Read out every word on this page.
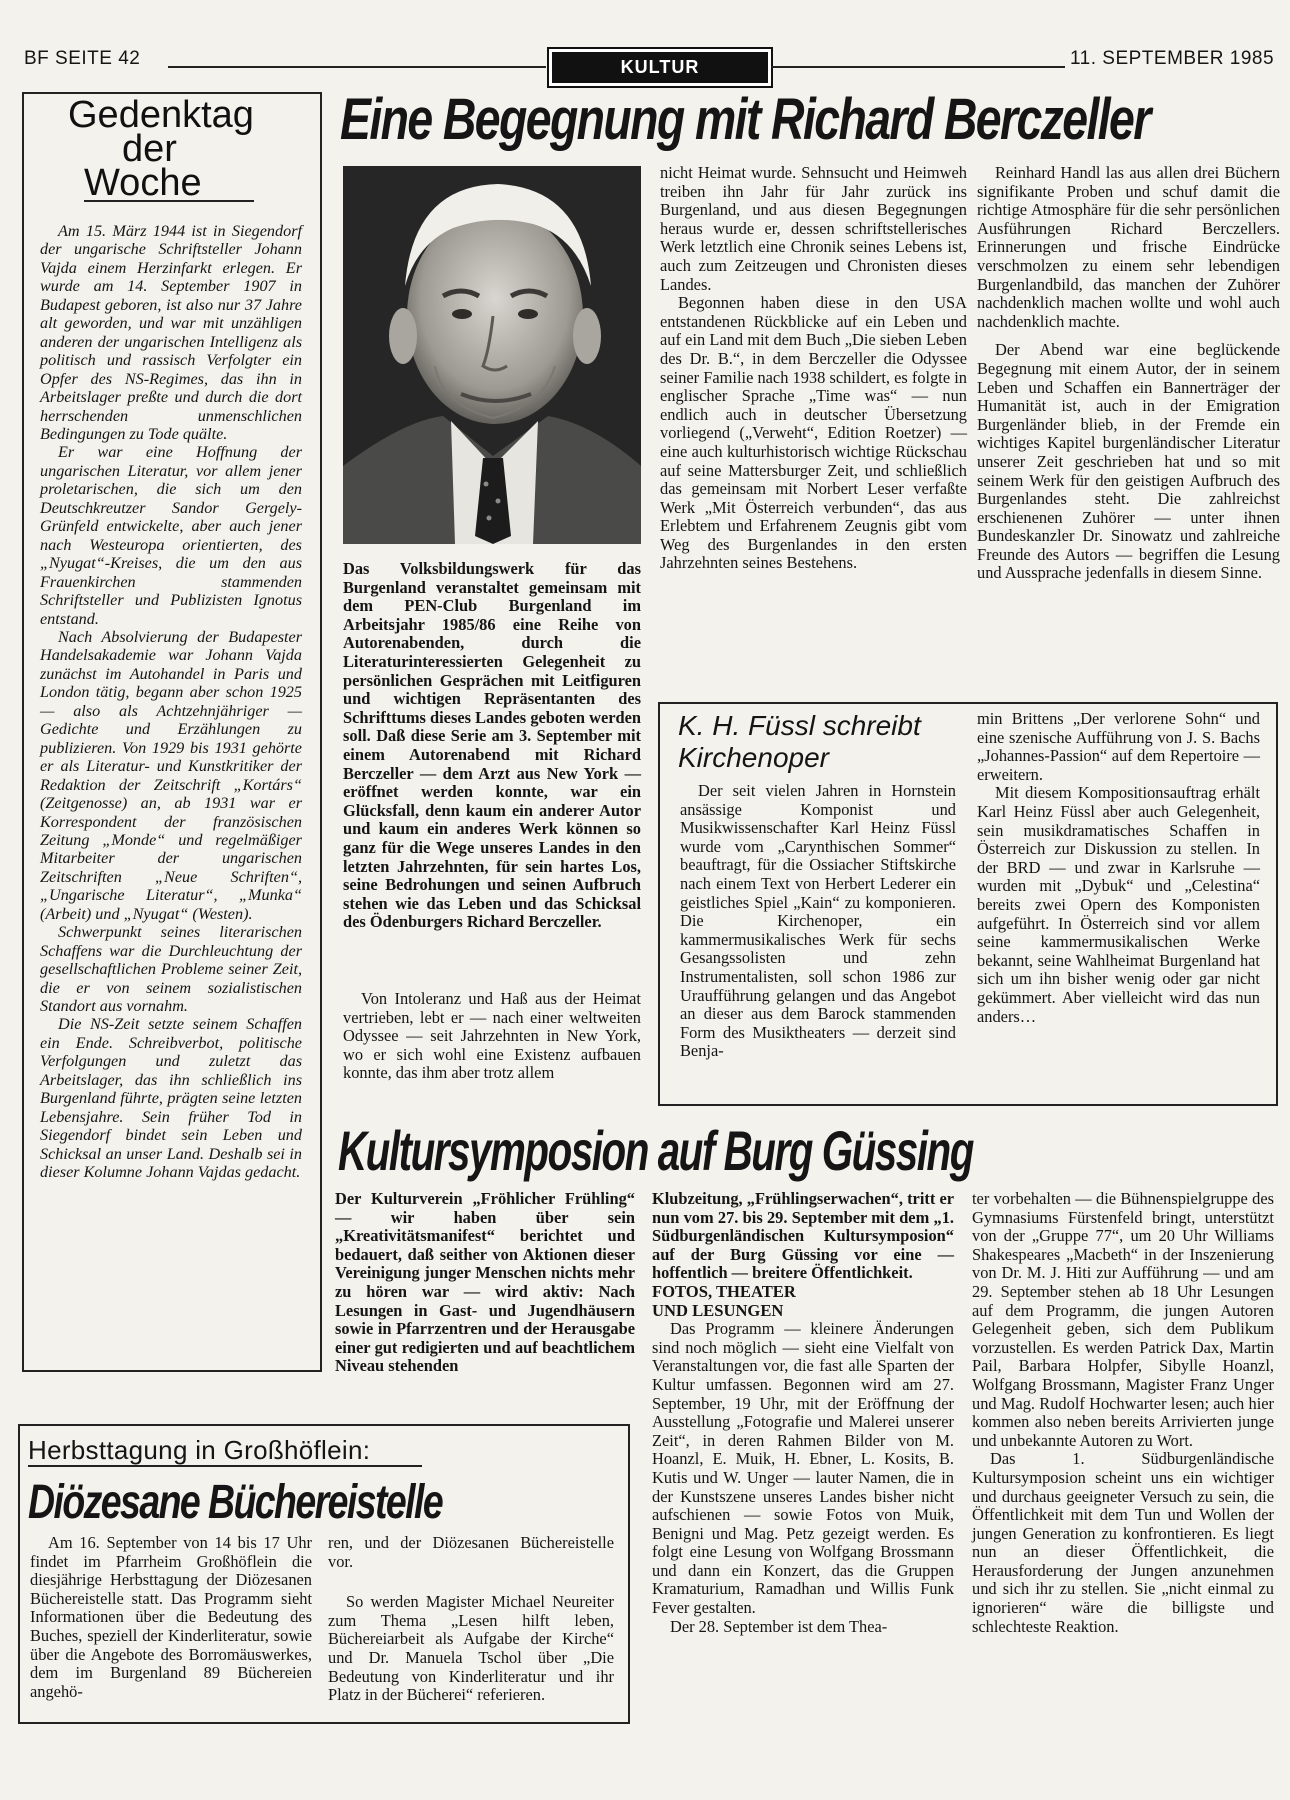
BF SEITE 42	KULTUR	11. SEPTEMBER 1985
Gedenktag
der
Woche

Am 15. März 1944 ist in Siegendorf der ungarische Schriftsteller Johann Vajda einem Herzinfarkt erlegen. Er wurde am 14. September 1907 in Budapest geboren, ist also nur 37 Jahre alt geworden, und war mit unzähligen anderen der ungarischen Intelligenz als politisch und rassisch Verfolgter ein Opfer des NS-Regimes, das ihn in Arbeitslager preßte und durch die dort herrschenden unmenschlichen Bedingungen zu Tode quälte.

Er war eine Hoffnung der ungarischen Literatur, vor allem jener proletarischen, die sich um den Deutschkreutzer Sandor Gergely-Grünfeld entwickelte, aber auch jener nach Westeuropa orientierten, des „Nyugat“-Kreises, die um den aus Frauenkirchen stammenden Schriftsteller und Publizisten Ignotus entstand.

Nach Absolvierung der Budapester Handelsakademie war Johann Vajda zunächst im Autohandel in Paris und London tätig, begann aber schon 1925 — also als Achtzehnjähriger — Gedichte und Erzählungen zu publizieren. Von 1929 bis 1931 gehörte er als Literatur- und Kunstkritiker der Redaktion der Zeitschrift „Kortárs“ (Zeitgenosse) an, ab 1931 war er Korrespondent der französischen Zeitung „Monde“ und regelmäßiger Mitarbeiter der ungarischen Zeitschriften „Neue Schriften“, „Ungarische Literatur“, „Munka“ (Arbeit) und „Nyugat“ (Westen).

Schwerpunkt seines literarischen Schaffens war die Durchleuchtung der gesellschaftlichen Probleme seiner Zeit, die er von seinem sozialistischen Standort aus vornahm.

Die NS-Zeit setzte seinem Schaffen ein Ende. Schreibverbot, politische Verfolgungen und zuletzt das Arbeitslager, das ihn schließlich ins Burgenland führte, prägten seine letzten Lebensjahre. Sein früher Tod in Siegendorf bindet sein Leben und Schicksal an unser Land. Deshalb sei in dieser Kolumne Johann Vajdas gedacht.

Eine Begegnung mit Richard Berczeller

Das Volksbildungswerk für das Burgenland veranstaltet gemeinsam mit dem PEN-Club Burgenland im Arbeitsjahr 1985/86 eine Reihe von Autorenabenden, durch die Literaturinteressierten Gelegenheit zu persönlichen Gesprächen mit Leitfiguren und wichtigen Repräsentanten des Schrifttums dieses Landes geboten werden soll. Daß diese Serie am 3. September mit einem Autorenabend mit Richard Berczeller — dem Arzt aus New York — eröffnet werden konnte, war ein Glücksfall, denn kaum ein anderer Autor und kaum ein anderes Werk können so ganz für die Wege unseres Landes in den letzten Jahrzehnten, für sein hartes Los, seine Bedrohungen und seinen Aufbruch stehen wie das Leben und das Schicksal des Ödenburgers Richard Berczeller.

Von Intoleranz und Haß aus der Heimat vertrieben, lebt er — nach einer weltweiten Odyssee — seit Jahrzehnten in New York, wo er sich wohl eine Existenz aufbauen konnte, das ihm aber trotz allem

nicht Heimat wurde. Sehnsucht und Heimweh treiben ihn Jahr für Jahr zurück ins Burgenland, und aus diesen Begegnungen heraus wurde er, dessen schriftstellerisches Werk letztlich eine Chronik seines Lebens ist, auch zum Zeitzeugen und Chronisten dieses Landes.

Begonnen haben diese in den USA entstandenen Rückblicke auf ein Leben und auf ein Land mit dem Buch „Die sieben Leben des Dr. B.“, in dem Berczeller die Odyssee seiner Familie nach 1938 schildert, es folgte in englischer Sprache „Time was“ — nun endlich auch in deutscher Übersetzung vorliegend („Verweht“, Edition Roetzer) — eine auch kulturhistorisch wichtige Rückschau auf seine Mattersburger Zeit, und schließlich das gemeinsam mit Norbert Leser verfaßte Werk „Mit Österreich verbunden“, das aus Erlebtem und Erfahrenem Zeugnis gibt vom Weg des Burgenlandes in den ersten Jahrzehnten seines Bestehens.

Reinhard Handl las aus allen drei Büchern signifikante Proben und schuf damit die richtige Atmosphäre für die sehr persönlichen Ausführungen Richard Berczellers. Erinnerungen und frische Eindrücke verschmolzen zu einem sehr lebendigen Burgenlandbild, das manchen der Zuhörer nachdenklich machen wollte und wohl auch nachdenklich machte.

Der Abend war eine beglückende Begegnung mit einem Autor, der in seinem Leben und Schaffen ein Bannerträger der Humanität ist, auch in der Emigration Burgenländer blieb, in der Fremde ein wichtiges Kapitel burgenländischer Literatur unserer Zeit geschrieben hat und so mit seinem Werk für den geistigen Aufbruch des Burgenlandes steht. Die zahlreichst erschienenen Zuhörer — unter ihnen Bundeskanzler Dr. Sinowatz und zahlreiche Freunde des Autors — begriffen die Lesung und Aussprache jedenfalls in diesem Sinne.

K. H. Füssl schreibt
Kirchenoper

Der seit vielen Jahren in Hornstein ansässige Komponist und Musikwissenschafter Karl Heinz Füssl wurde vom „Carynthischen Sommer“ beauftragt, für die Ossiacher Stiftskirche nach einem Text von Herbert Lederer ein geistliches Spiel „Kain“ zu komponieren. Die Kirchenoper, ein kammermusikalisches Werk für sechs Gesangssolisten und zehn Instrumentalisten, soll schon 1986 zur Uraufführung gelangen und das Angebot an dieser aus dem Barock stammenden Form des Musiktheaters — derzeit sind Benja-

min Brittens „Der verlorene Sohn“ und eine szenische Aufführung von J. S. Bachs „Johannes-Passion“ auf dem Repertoire — erweitern.

Mit diesem Kompositionsauftrag erhält Karl Heinz Füssl aber auch Gelegenheit, sein musikdramatisches Schaffen in Österreich zur Diskussion zu stellen. In der BRD — und zwar in Karlsruhe — wurden mit „Dybuk“ und „Celestina“ bereits zwei Opern des Komponisten aufgeführt. In Österreich sind vor allem seine kammermusikalischen Werke bekannt, seine Wahlheimat Burgenland hat sich um ihn bisher wenig oder gar nicht gekümmert. Aber vielleicht wird das nun anders…

Kultursymposion auf Burg Güssing

Der Kulturverein „Fröhlicher Frühling“ — wir haben über sein „Kreativitätsmanifest“ berichtet und bedauert, daß seither von Aktionen dieser Vereinigung junger Menschen nichts mehr zu hören war — wird aktiv: Nach Lesungen in Gast- und Jugendhäusern sowie in Pfarrzentren und der Herausgabe einer gut redigierten und auf beachtlichem Niveau stehenden

Klubzeitung, „Frühlingserwachen“, tritt er nun vom 27. bis 29. September mit dem „1. Südburgenländischen Kultursymposion“ auf der Burg Güssing vor eine — hoffentlich — breitere Öffentlichkeit.

FOTOS, THEATER
UND LESUNGEN

Das Programm — kleinere Änderungen sind noch möglich — sieht eine Vielfalt von Veranstaltungen vor, die fast alle Sparten der Kultur umfassen. Begonnen wird am 27. September, 19 Uhr, mit der Eröffnung der Ausstellung „Fotografie und Malerei unserer Zeit“, in deren Rahmen Bilder von M. Hoanzl, E. Muik, H. Ebner, L. Kosits, B. Kutis und W. Unger — lauter Namen, die in der Kunstszene unseres Landes bisher nicht aufschienen — sowie Fotos von Muik, Benigni und Mag. Petz gezeigt werden. Es folgt eine Lesung von Wolfgang Brossmann und dann ein Konzert, das die Gruppen Kramaturium, Ramadhan und Willis Funk Fever gestalten.

Der 28. September ist dem Thea-

ter vorbehalten — die Bühnenspielgruppe des Gymnasiums Fürstenfeld bringt, unterstützt von der „Gruppe 77“, um 20 Uhr Williams Shakespeares „Macbeth“ in der Inszenierung von Dr. M. J. Hiti zur Aufführung — und am 29. September stehen ab 18 Uhr Lesungen auf dem Programm, die jungen Autoren Gelegenheit geben, sich dem Publikum vorzustellen. Es werden Patrick Dax, Martin Pail, Barbara Holpfer, Sibylle Hoanzl, Wolfgang Brossmann, Magister Franz Unger und Mag. Rudolf Hochwarter lesen; auch hier kommen also neben bereits Arrivierten junge und unbekannte Autoren zu Wort.

Das 1. Südburgenländische Kultursymposion scheint uns ein wichtiger und durchaus geeigneter Versuch zu sein, die Öffentlichkeit mit dem Tun und Wollen der jungen Generation zu konfrontieren. Es liegt nun an dieser Öffentlichkeit, die Herausforderung der Jungen anzunehmen und sich ihr zu stellen. Sie „nicht einmal zu ignorieren“ wäre die billigste und schlechteste Reaktion.

Herbsttagung in Großhöflein:
Diözesane Büchereistelle

Am 16. September von 14 bis 17 Uhr findet im Pfarrheim Großhöflein die diesjährige Herbsttagung der Diözesanen Büchereistelle statt. Das Programm sieht Informationen über die Bedeutung des Buches, speziell der Kinderliteratur, sowie über die Angebote des Borromäuswerkes, dem im Burgenland 89 Büchereien angehö-

ren, und der Diözesanen Büchereistelle vor.

So werden Magister Michael Neureiter zum Thema „Lesen hilft leben, Büchereiarbeit als Aufgabe der Kirche“ und Dr. Manuela Tschol über „Die Bedeutung von Kinderliteratur und ihr Platz in der Bücherei“ referieren.
